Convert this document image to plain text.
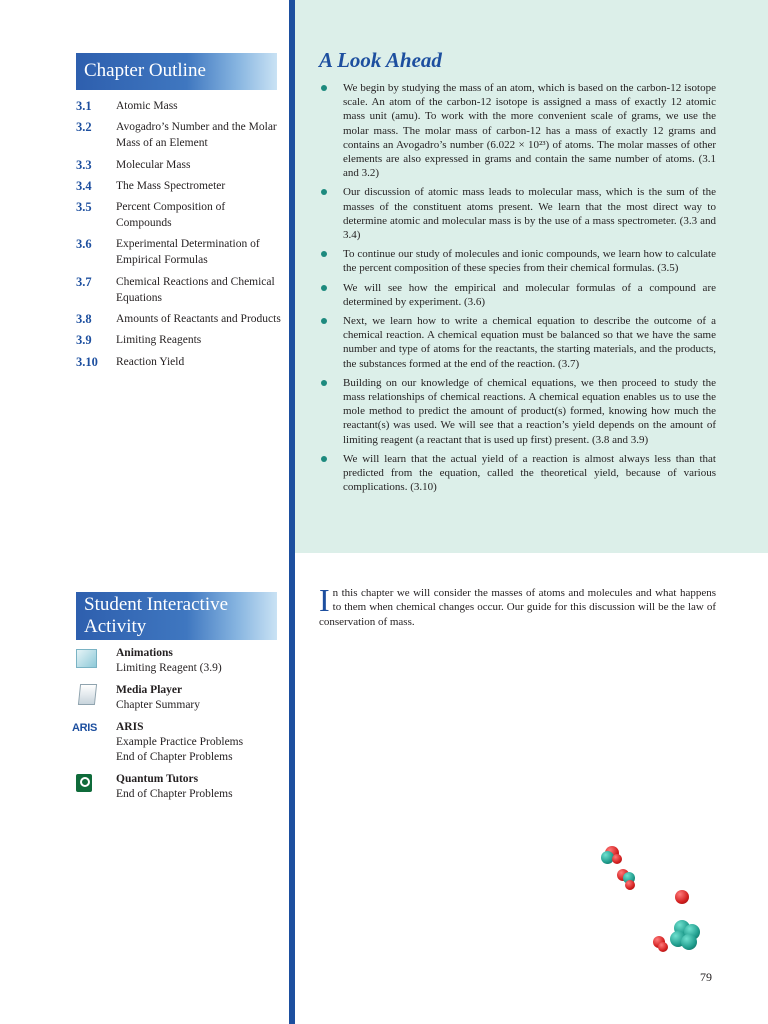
Chapter Outline
3.1	Atomic Mass
3.2	Avogadro’s Number and the Molar Mass of an Element
3.3	Molecular Mass
3.4	The Mass Spectrometer
3.5	Percent Composition of Compounds
3.6	Experimental Determination of Empirical Formulas
3.7	Chemical Reactions and Chemical Equations
3.8	Amounts of Reactants and Products
3.9	Limiting Reagents
3.10	Reaction Yield
Student Interactive
Activity
Animations
Limiting Reagent (3.9)
Media Player
Chapter Summary
ARIS ARIS
Example Practice Problems
End of Chapter Problems
Quantum Tutors
End of Chapter Problems
A Look Ahead
We begin by studying the mass of an atom, which is based on the carbon-12 isotope scale. An atom of the carbon-12 isotope is assigned a mass of exactly 12 atomic mass unit (amu). To work with the more convenient scale of grams, we use the molar mass. The molar mass of carbon-12 has a mass of exactly 12 grams and contains an Avogadro’s number (6.022 × 10²³) of atoms. The molar masses of other elements are also expressed in grams and contain the same number of atoms. (3.1 and 3.2)
Our discussion of atomic mass leads to molecular mass, which is the sum of the masses of the constituent atoms present. We learn that the most direct way to determine atomic and molecular mass is by the use of a mass spectrometer. (3.3 and 3.4)
To continue our study of molecules and ionic compounds, we learn how to calculate the percent composition of these species from their chemical formulas. (3.5)
We will see how the empirical and molecular formulas of a compound are determined by experiment. (3.6)
Next, we learn how to write a chemical equation to describe the outcome of a chemical reaction. A chemical equation must be balanced so that we have the same number and type of atoms for the reactants, the starting materials, and the products, the substances formed at the end of the reaction. (3.7)
Building on our knowledge of chemical equations, we then proceed to study the mass relationships of chemical reactions. A chemical equation enables us to use the mole method to predict the amount of product(s) formed, knowing how much the reactant(s) was used. We will see that a reaction’s yield depends on the amount of limiting reagent (a reactant that is used up first) present. (3.8 and 3.9)
We will learn that the actual yield of a reaction is almost always less than that predicted from the equation, called the theoretical yield, because of various complications. (3.10)

In this chapter we will consider the masses of atoms and molecules and what happens to them when chemical changes occur. Our guide for this discussion will be the law of conservation of mass.

79
